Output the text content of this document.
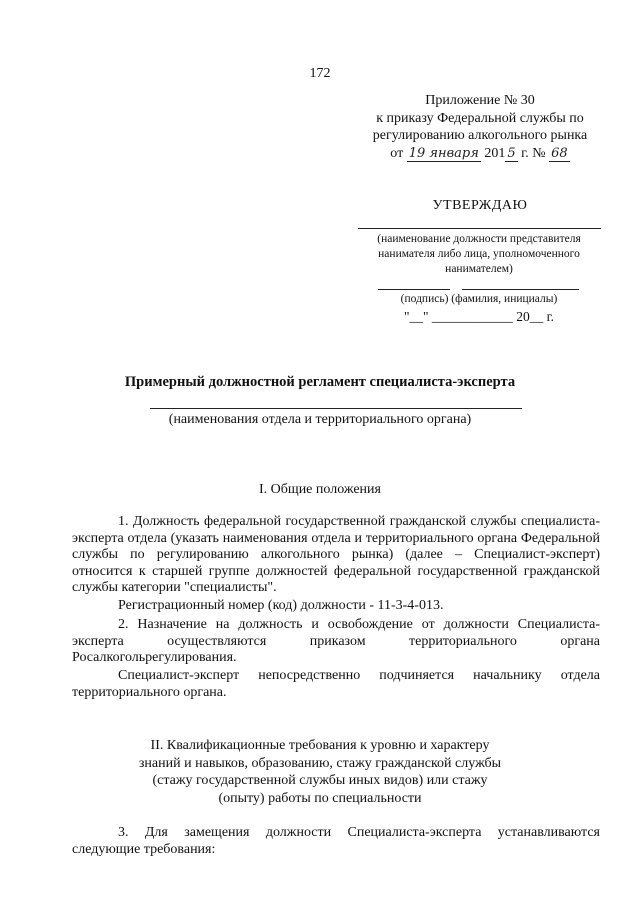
172
Приложение № 30
к приказу Федеральной службы по
регулированию алкогольного рынка
от 19 января 201 5 г. № 68
УТВЕРЖДАЮ
(наименование должности представителя
нанимателя либо лица, уполномоченного
нанимателем)
(подпись) (фамилия, инициалы)
"__" ____________ 20__ г.
Примерный должностной регламент специалиста-эксперта
(наименования отдела и территориального органа)
I. Общие положения
1. Должность федеральной государственной гражданской службы специалиста-эксперта отдела (указать наименования отдела и территориального органа Федеральной службы по регулированию алкогольного рынка) (далее – Специалист-эксперт) относится к старшей группе должностей федеральной государственной гражданской службы категории "специалисты".
Регистрационный номер (код) должности - 11-3-4-013.
2. Назначение на должность и освобождение от должности Специалиста-эксперта осуществляются приказом территориального органа Росалкогольрегулирования.
Специалист-эксперт непосредственно подчиняется начальнику отдела территориального органа.
II. Квалификационные требования к уровню и характеру
знаний и навыков, образованию, стажу гражданской службы
(стажу государственной службы иных видов) или стажу
(опыту) работы по специальности
3. Для замещения должности Специалиста-эксперта устанавливаются следующие требования:
